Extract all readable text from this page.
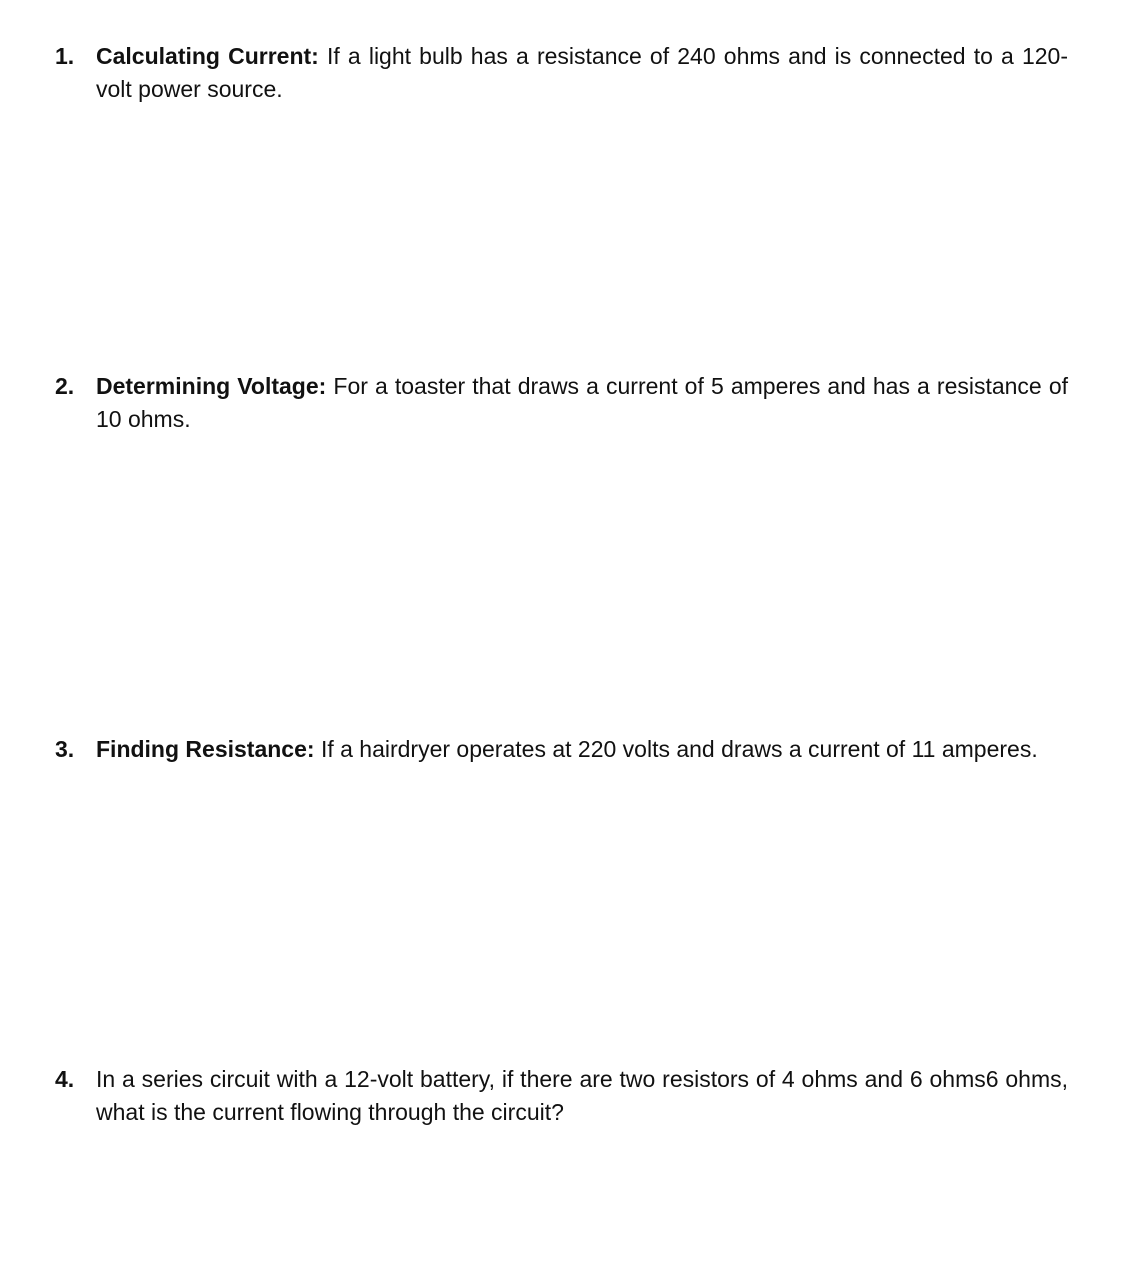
1. Calculating Current: If a light bulb has a resistance of 240 ohms and is connected to a 120-volt power source.
2. Determining Voltage: For a toaster that draws a current of 5 amperes and has a resistance of 10 ohms.
3. Finding Resistance: If a hairdryer operates at 220 volts and draws a current of 11 amperes.
4. In a series circuit with a 12-volt battery, if there are two resistors of 4 ohms and 6 ohms6 ohms, what is the current flowing through the circuit?
